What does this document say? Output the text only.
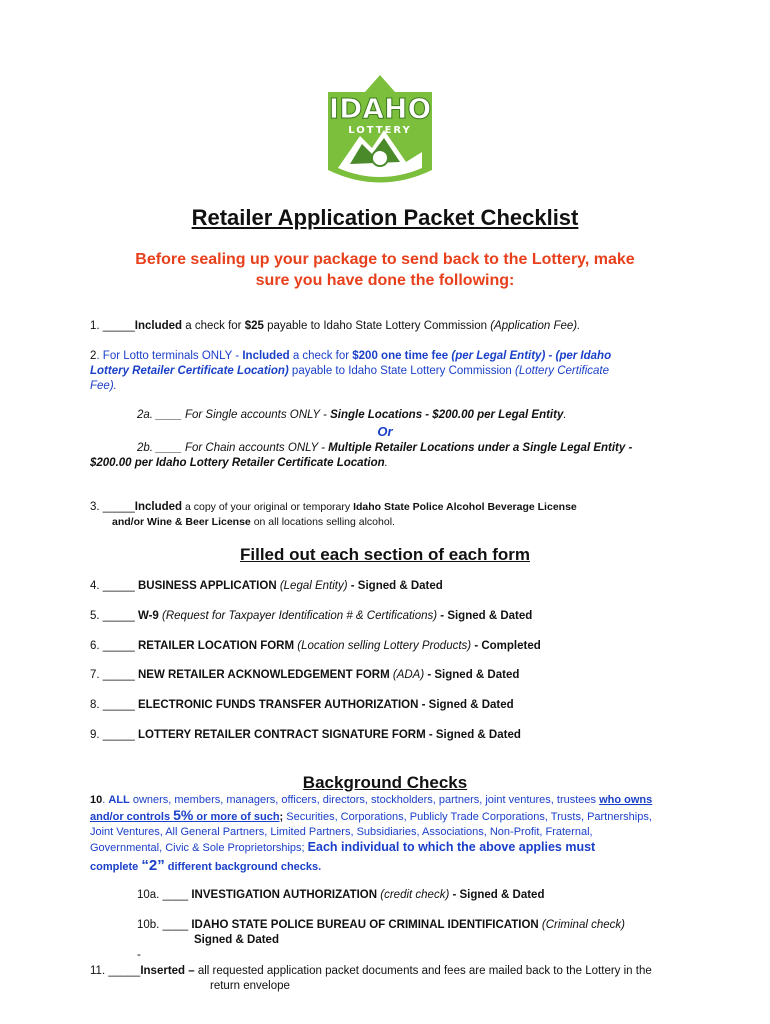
IDAHO
LOTTERY
Retailer Application Packet Checklist
Before sealing up your package to send back to the Lottery, make
sure you have done the following:
1. _____Included a check for $25 payable to Idaho State Lottery Commission (Application Fee).
2. For Lotto terminals ONLY - Included a check for $200 one time fee (per Legal Entity) - (per Idaho
Lottery Retailer Certificate Location) payable to Idaho State Lottery Commission (Lottery Certificate
Fee).
2a. ____ For Single accounts ONLY - Single Locations - $200.00 per Legal Entity.
Or
2b. ____ For Chain accounts ONLY - Multiple Retailer Locations under a Single Legal Entity -
$200.00 per Idaho Lottery Retailer Certificate Location.
3. _____Included a copy of your original or temporary Idaho State Police Alcohol Beverage License
and/or Wine & Beer License on all locations selling alcohol.
Filled out each section of each form
4. _____ BUSINESS APPLICATION (Legal Entity) - Signed & Dated
5. _____ W-9 (Request for Taxpayer Identification # & Certifications) - Signed & Dated
6. _____ RETAILER LOCATION FORM (Location selling Lottery Products) - Completed
7. _____ NEW RETAILER ACKNOWLEDGEMENT FORM (ADA) - Signed & Dated
8. _____ ELECTRONIC FUNDS TRANSFER AUTHORIZATION - Signed & Dated
9. _____ LOTTERY RETAILER CONTRACT SIGNATURE FORM - Signed & Dated
Background Checks
10. ALL owners, members, managers, officers, directors, stockholders, partners, joint ventures, trustees who owns
and/or controls 5% or more of such; Securities, Corporations, Publicly Trade Corporations, Trusts, Partnerships,
Joint Ventures, All General Partners, Limited Partners, Subsidiaries, Associations, Non-Profit, Fraternal,
Governmental, Civic & Sole Proprietorships; Each individual to which the above applies must
complete “2” different background checks.
10a. ____ INVESTIGATION AUTHORIZATION (credit check) - Signed & Dated
10b. ____ IDAHO STATE POLICE BUREAU OF CRIMINAL IDENTIFICATION (Criminal check)
Signed & Dated
-
11. _____Inserted – all requested application packet documents and fees are mailed back to the Lottery in the
return envelope
